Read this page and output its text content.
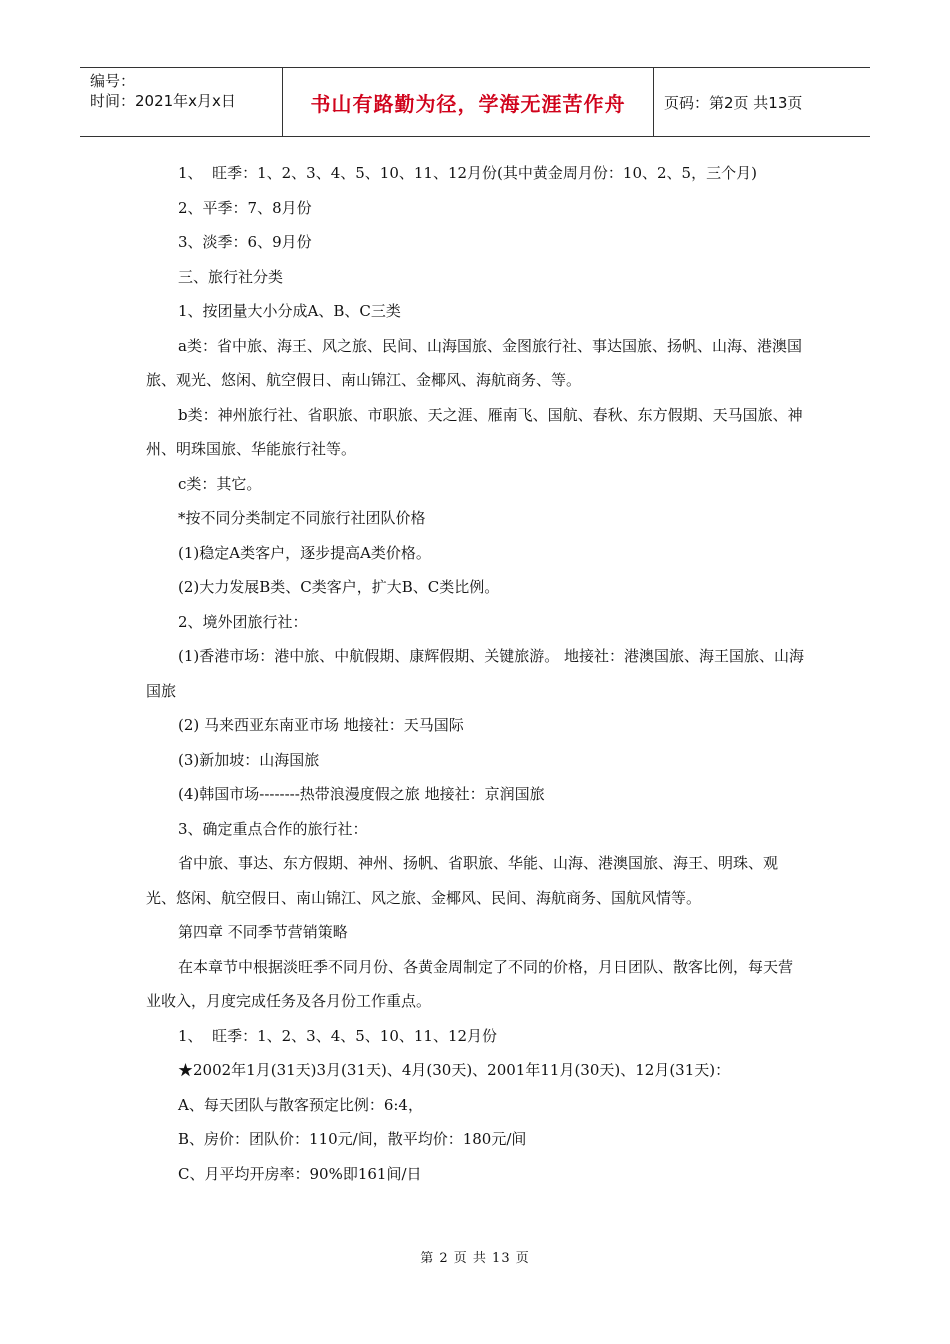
编号：
时间：2021年x月x日	书山有路勤为径，学海无涯苦作舟	页码：第2页 共13页

1、  旺季：1、2、3、4、5、10、11、12月份(其中黄金周月份：10、2、5，三个月)

2、平季：7、8月份

3、淡季：6、9月份

三、旅行社分类

1、按团量大小分成A、B、C三类

a类：省中旅、海王、风之旅、民间、山海国旅、金图旅行社、事达国旅、扬帆、山海、港澳国旅、观光、悠闲、航空假日、南山锦江、金椰风、海航商务、等。

b类：神州旅行社、省职旅、市职旅、天之涯、雁南飞、国航、春秋、东方假期、天马国旅、神州、明珠国旅、华能旅行社等。

c类：其它。

*按不同分类制定不同旅行社团队价格

(1)稳定A类客户，逐步提高A类价格。

(2)大力发展B类、C类客户，扩大B、C类比例。

2、境外团旅行社：

(1)香港市场：港中旅、中航假期、康辉假期、关键旅游。 地接社：港澳国旅、海王国旅、山海国旅

(2) 马来西亚东南亚市场 地接社：天马国际

(3)新加坡：山海国旅

(4)韩国市场--------热带浪漫度假之旅 地接社：京润国旅

3、确定重点合作的旅行社：

省中旅、事达、东方假期、神州、扬帆、省职旅、华能、山海、港澳国旅、海王、明珠、观光、悠闲、航空假日、南山锦江、风之旅、金椰风、民间、海航商务、国航风情等。

第四章 不同季节营销策略

在本章节中根据淡旺季不同月份、各黄金周制定了不同的价格，月日团队、散客比例，每天营业收入，月度完成任务及各月份工作重点。

1、  旺季：1、2、3、4、5、10、11、12月份

★2002年1月(31天)3月(31天)、4月(30天)、2001年11月(30天)、12月(31天)：

A、每天团队与散客预定比例：6:4，

B、房价：团队价：110元/间，散平均价：180元/间

C、月平均开房率：90%即161间/日

第 2 页 共 13 页
